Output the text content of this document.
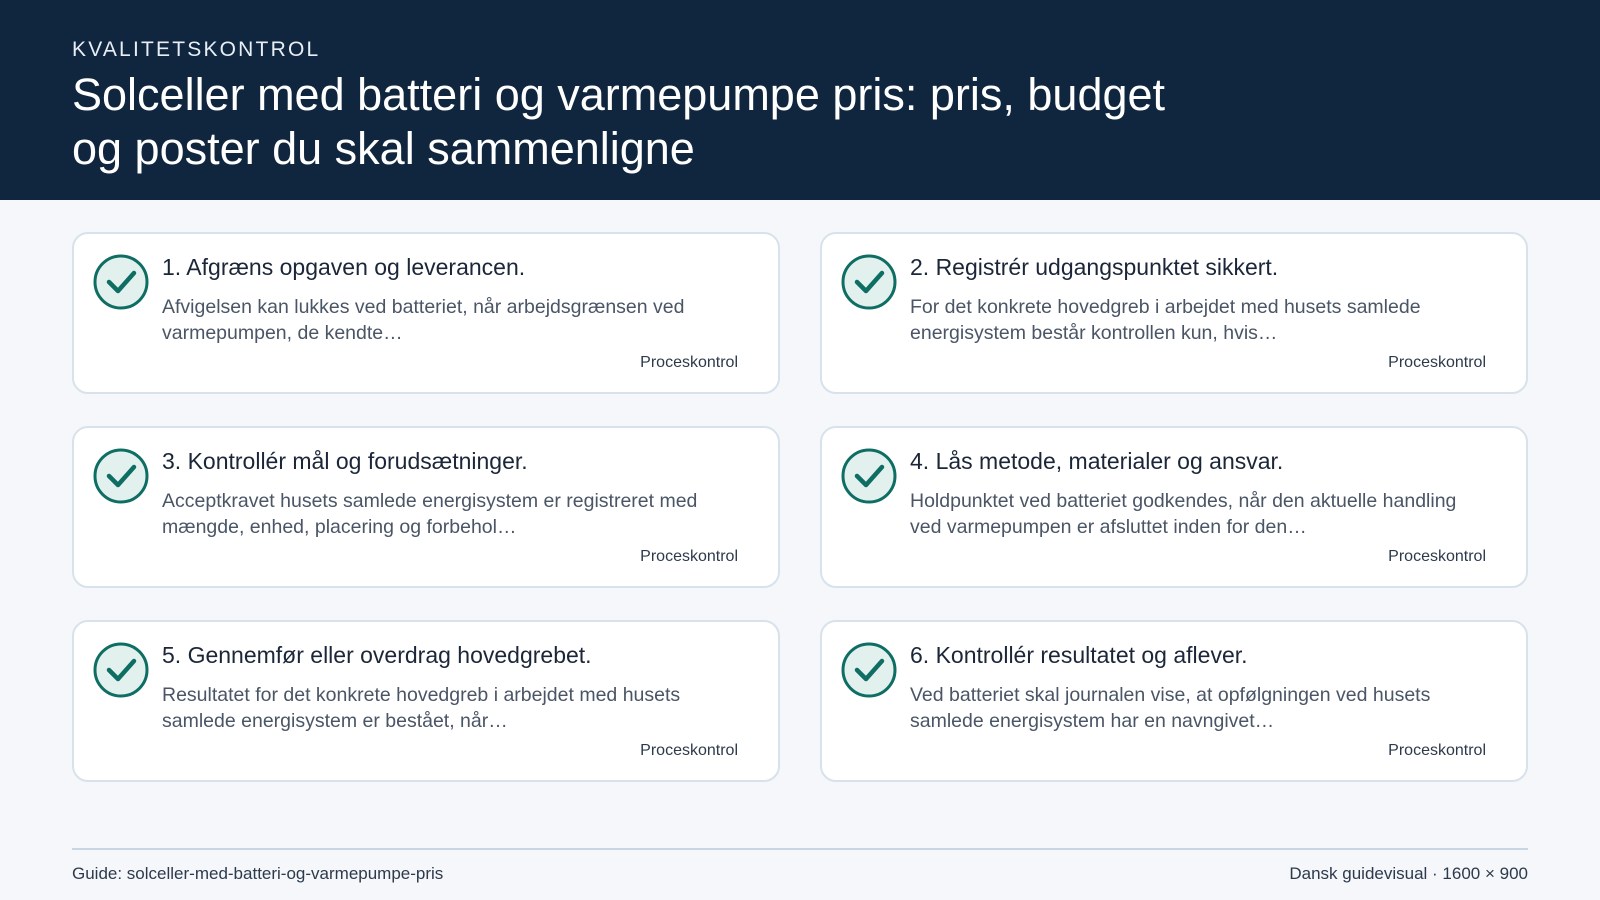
KVALITETSKONTROL
Solceller med batteri og varmepumpe pris: pris, budget og poster du skal sammenligne
1. Afgræns opgaven og leverancen.
Afvigelsen kan lukkes ved batteriet, når arbejdsgrænsen ved varmepumpen, de kendte…
Proceskontrol
2. Registrér udgangspunktet sikkert.
For det konkrete hovedgreb i arbejdet med husets samlede energisystem består kontrollen kun, hvis…
Proceskontrol
3. Kontrollér mål og forudsætninger.
Acceptkravet husets samlede energisystem er registreret med mængde, enhed, placering og forbehol…
Proceskontrol
4. Lås metode, materialer og ansvar.
Holdpunktet ved batteriet godkendes, når den aktuelle handling ved varmepumpen er afsluttet inden for den…
Proceskontrol
5. Gennemfør eller overdrag hovedgrebet.
Resultatet for det konkrete hovedgreb i arbejdet med husets samlede energisystem er bestået, når…
Proceskontrol
6. Kontrollér resultatet og aflever.
Ved batteriet skal journalen vise, at opfølgningen ved husets samlede energisystem har en navngivet…
Proceskontrol
Guide: solceller-med-batteri-og-varmepumpe-pris	Dansk guidevisual · 1600 × 900
